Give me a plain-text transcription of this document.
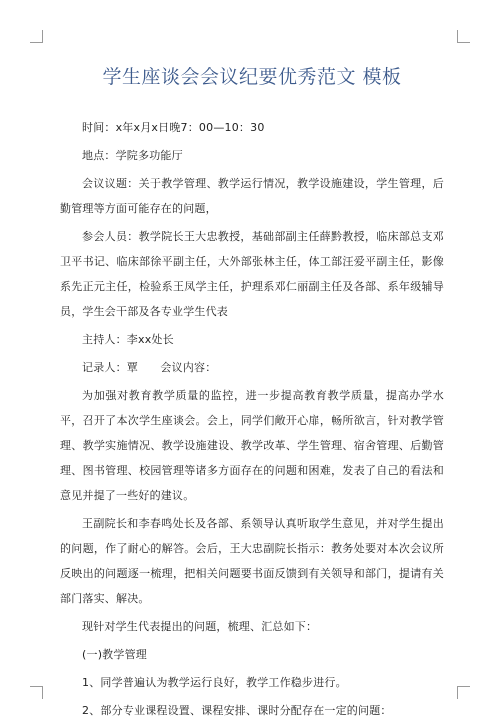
学生座谈会会议纪要优秀范文 模板

时间：x年x月x日晚7：00—10：30

地点：学院多功能厅

会议议题：关于教学管理、教学运行情况，教学设施建设，学生管理，后勤管理等方面可能存在的问题，

参会人员：教学院长王大忠教授，基础部副主任薛黔教授，临床部总支邓卫平书记、临床部徐平副主任，大外部张林主任，体工部汪爱平副主任，影像系先正元主任，检验系王凤学主任，护理系邓仁丽副主任及各部、系年级辅导员，学生会干部及各专业学生代表

主持人：李xx处长

记录人：覃　　会议内容：

为加强对教育教学质量的监控，进一步提高教育教学质量，提高办学水平，召开了本次学生座谈会。会上，同学们敞开心扉，畅所欲言，针对教学管理、教学实施情况、教学设施建设、教学改革、学生管理、宿舍管理、后勤管理、图书管理、校园管理等诸多方面存在的问题和困难，发表了自己的看法和意见并提了一些好的建议。

王副院长和李春鸣处长及各部、系领导认真听取学生意见，并对学生提出的问题，作了耐心的解答。会后，王大忠副院长指示：教务处要对本次会议所反映出的问题逐一梳理，把相关问题要书面反馈到有关领导和部门，提请有关部门落实、解决。

现针对学生代表提出的问题，梳理、汇总如下：

(一)教学管理

1、同学普遍认为教学运行良好，教学工作稳步进行。

2、部分专业课程设置、课程安排、课时分配存在一定的问题：
